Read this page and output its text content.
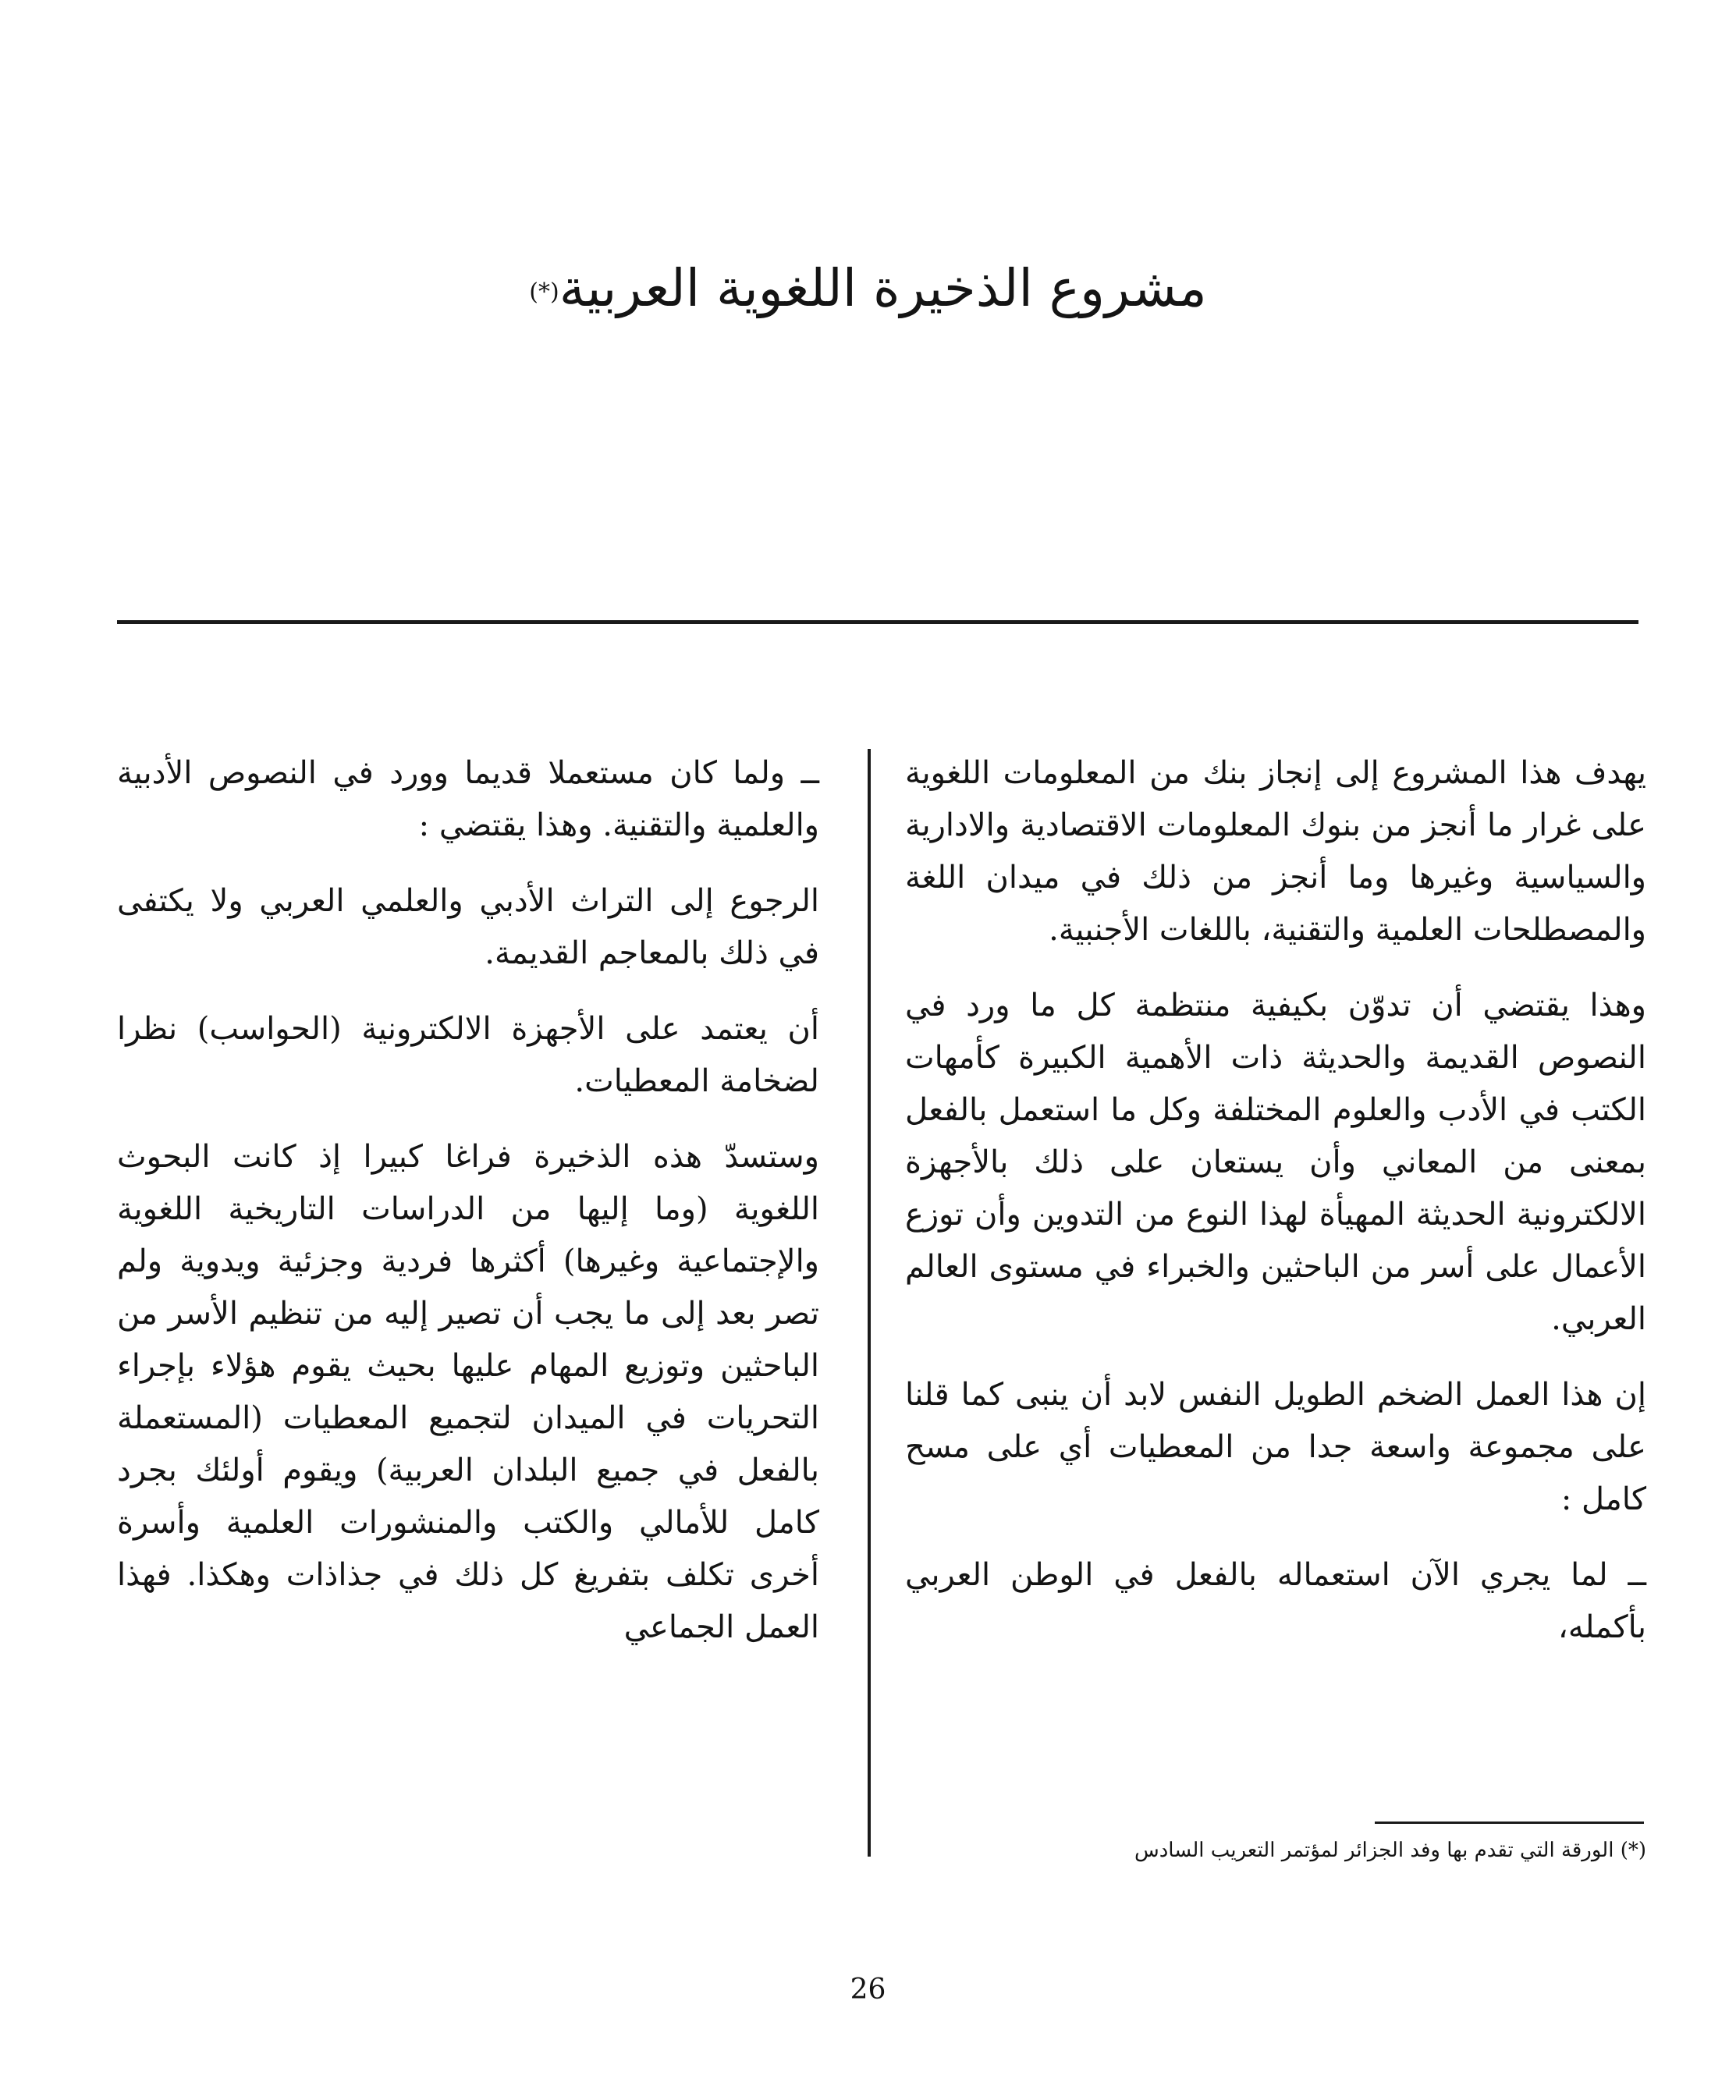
مشروع الذخيرة اللغوية العربية(*)

يهدف هذا المشروع إلى إنجاز بنك من المعلومات اللغوية على غرار ما أنجز من بنوك المعلومات الاقتصادية والادارية والسياسية وغيرها وما أنجز من ذلك في ميدان اللغة والمصطلحات العلمية والتقنية، باللغات الأجنبية.

وهذا يقتضي أن تدوّن بكيفية منتظمة كل ما ورد في النصوص القديمة والحديثة ذات الأهمية الكبيرة كأمهات الكتب في الأدب والعلوم المختلفة وكل ما استعمل بالفعل بمعنى من المعاني وأن يستعان على ذلك بالأجهزة الالكترونية الحديثة المهيأة لهذا النوع من التدوين وأن توزع الأعمال على أسر من الباحثين والخبراء في مستوى العالم العربي.

إن هذا العمل الضخم الطويل النفس لابد أن ينبى كما قلنا على مجموعة واسعة جدا من المعطيات أي على مسح كامل :

ــ لما يجري الآن استعماله بالفعل في الوطن العربي بأكمله،

ــ ولما كان مستعملا قديما وورد في النصوص الأدبية والعلمية والتقنية. وهذا يقتضي :

الرجوع إلى التراث الأدبي والعلمي العربي ولا يكتفى في ذلك بالمعاجم القديمة.

أن يعتمد على الأجهزة الالكترونية (الحواسب) نظرا لضخامة المعطيات.

وستسدّ هذه الذخيرة فراغا كبيرا إذ كانت البحوث اللغوية (وما إليها من الدراسات التاريخية اللغوية والإجتماعية وغيرها) أكثرها فردية وجزئية ويدوية ولم تصر بعد إلى ما يجب أن تصير إليه من تنظيم الأسر من الباحثين وتوزيع المهام عليها بحيث يقوم هؤلاء بإجراء التحريات في الميدان لتجميع المعطيات (المستعملة بالفعل في جميع البلدان العربية) ويقوم أولئك بجرد كامل للأمالي والكتب والمنشورات العلمية وأسرة أخرى تكلف بتفريغ كل ذلك في جذاذات وهكذا. فهذا العمل الجماعي

(*) الورقة التي تقدم بها وفد الجزائر لمؤتمر التعريب السادس
26
